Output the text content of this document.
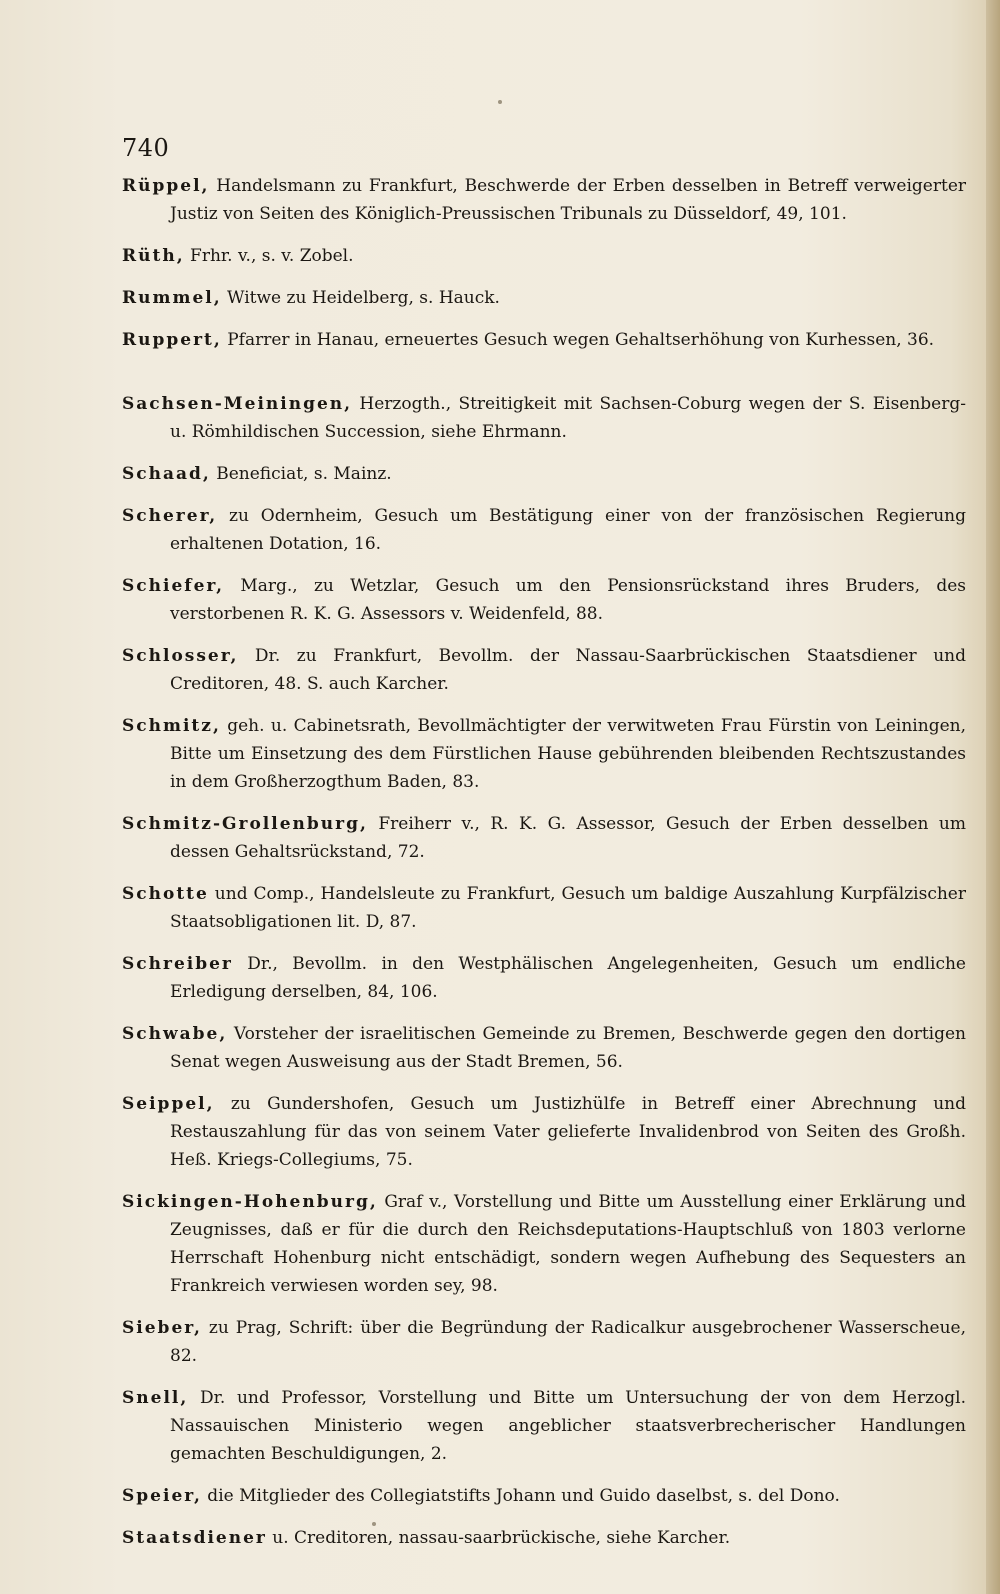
740
Rüppel, Handelsmann zu Frankfurt, Beschwerde der Erben desselben in Betreff verweigerter Justiz von Seiten des Königlich-Preussischen Tribunals zu Düsseldorf, 49, 101.
Rüth, Frhr. v., s. v. Zobel.
Rummel, Witwe zu Heidelberg, s. Hauck.
Ruppert, Pfarrer in Hanau, erneuertes Gesuch wegen Gehaltserhöhung von Kurhessen, 36.
Sachsen-Meiningen, Herzogth., Streitigkeit mit Sachsen-Coburg wegen der S. Eisenberg- u. Römhildischen Succession, siehe Ehrmann.
Schaad, Beneficiat, s. Mainz.
Scherer, zu Odernheim, Gesuch um Bestätigung einer von der französischen Regierung erhaltenen Dotation, 16.
Schiefer, Marg., zu Wetzlar, Gesuch um den Pensionsrückstand ihres Bruders, des verstorbenen R. K. G. Assessors v. Weidenfeld, 88.
Schlosser, Dr. zu Frankfurt, Bevollm. der Nassau-Saarbrückischen Staatsdiener und Creditoren, 48. S. auch Karcher.
Schmitz, geh. u. Cabinetsrath, Bevollmächtigter der verwitweten Frau Fürstin von Leiningen, Bitte um Einsetzung des dem Fürstlichen Hause gebührenden bleibenden Rechtszustandes in dem Großherzogthum Baden, 83.
Schmitz-Grollenburg, Freiherr v., R. K. G. Assessor, Gesuch der Erben desselben um dessen Gehaltsrückstand, 72.
Schotte und Comp., Handelsleute zu Frankfurt, Gesuch um baldige Auszahlung Kurpfälzischer Staatsobligationen lit. D, 87.
Schreiber Dr., Bevollm. in den Westphälischen Angelegenheiten, Gesuch um endliche Erledigung derselben, 84, 106.
Schwabe, Vorsteher der israelitischen Gemeinde zu Bremen, Beschwerde gegen den dortigen Senat wegen Ausweisung aus der Stadt Bremen, 56.
Seippel, zu Gundershofen, Gesuch um Justizhülfe in Betreff einer Abrechnung und Restauszahlung für das von seinem Vater gelieferte Invalidenbrod von Seiten des Großh. Heß. Kriegs-Collegiums, 75.
Sickingen-Hohenburg, Graf v., Vorstellung und Bitte um Ausstellung einer Erklärung und Zeugnisses, daß er für die durch den Reichsdeputations-Hauptschluß von 1803 verlorne Herrschaft Hohenburg nicht entschädigt, sondern wegen Aufhebung des Sequesters an Frankreich verwiesen worden sey, 98.
Sieber, zu Prag, Schrift: über die Begründung der Radicalkur ausgebrochener Wasserscheue, 82.
Snell, Dr. und Professor, Vorstellung und Bitte um Untersuchung der von dem Herzogl. Nassauischen Ministerio wegen angeblicher staatsverbrecherischer Handlungen gemachten Beschuldigungen, 2.
Speier, die Mitglieder des Collegiatstifts Johann und Guido daselbst, s. del Dono.
Staatsdiener u. Creditoren, nassau-saarbrückische, siehe Karcher.
